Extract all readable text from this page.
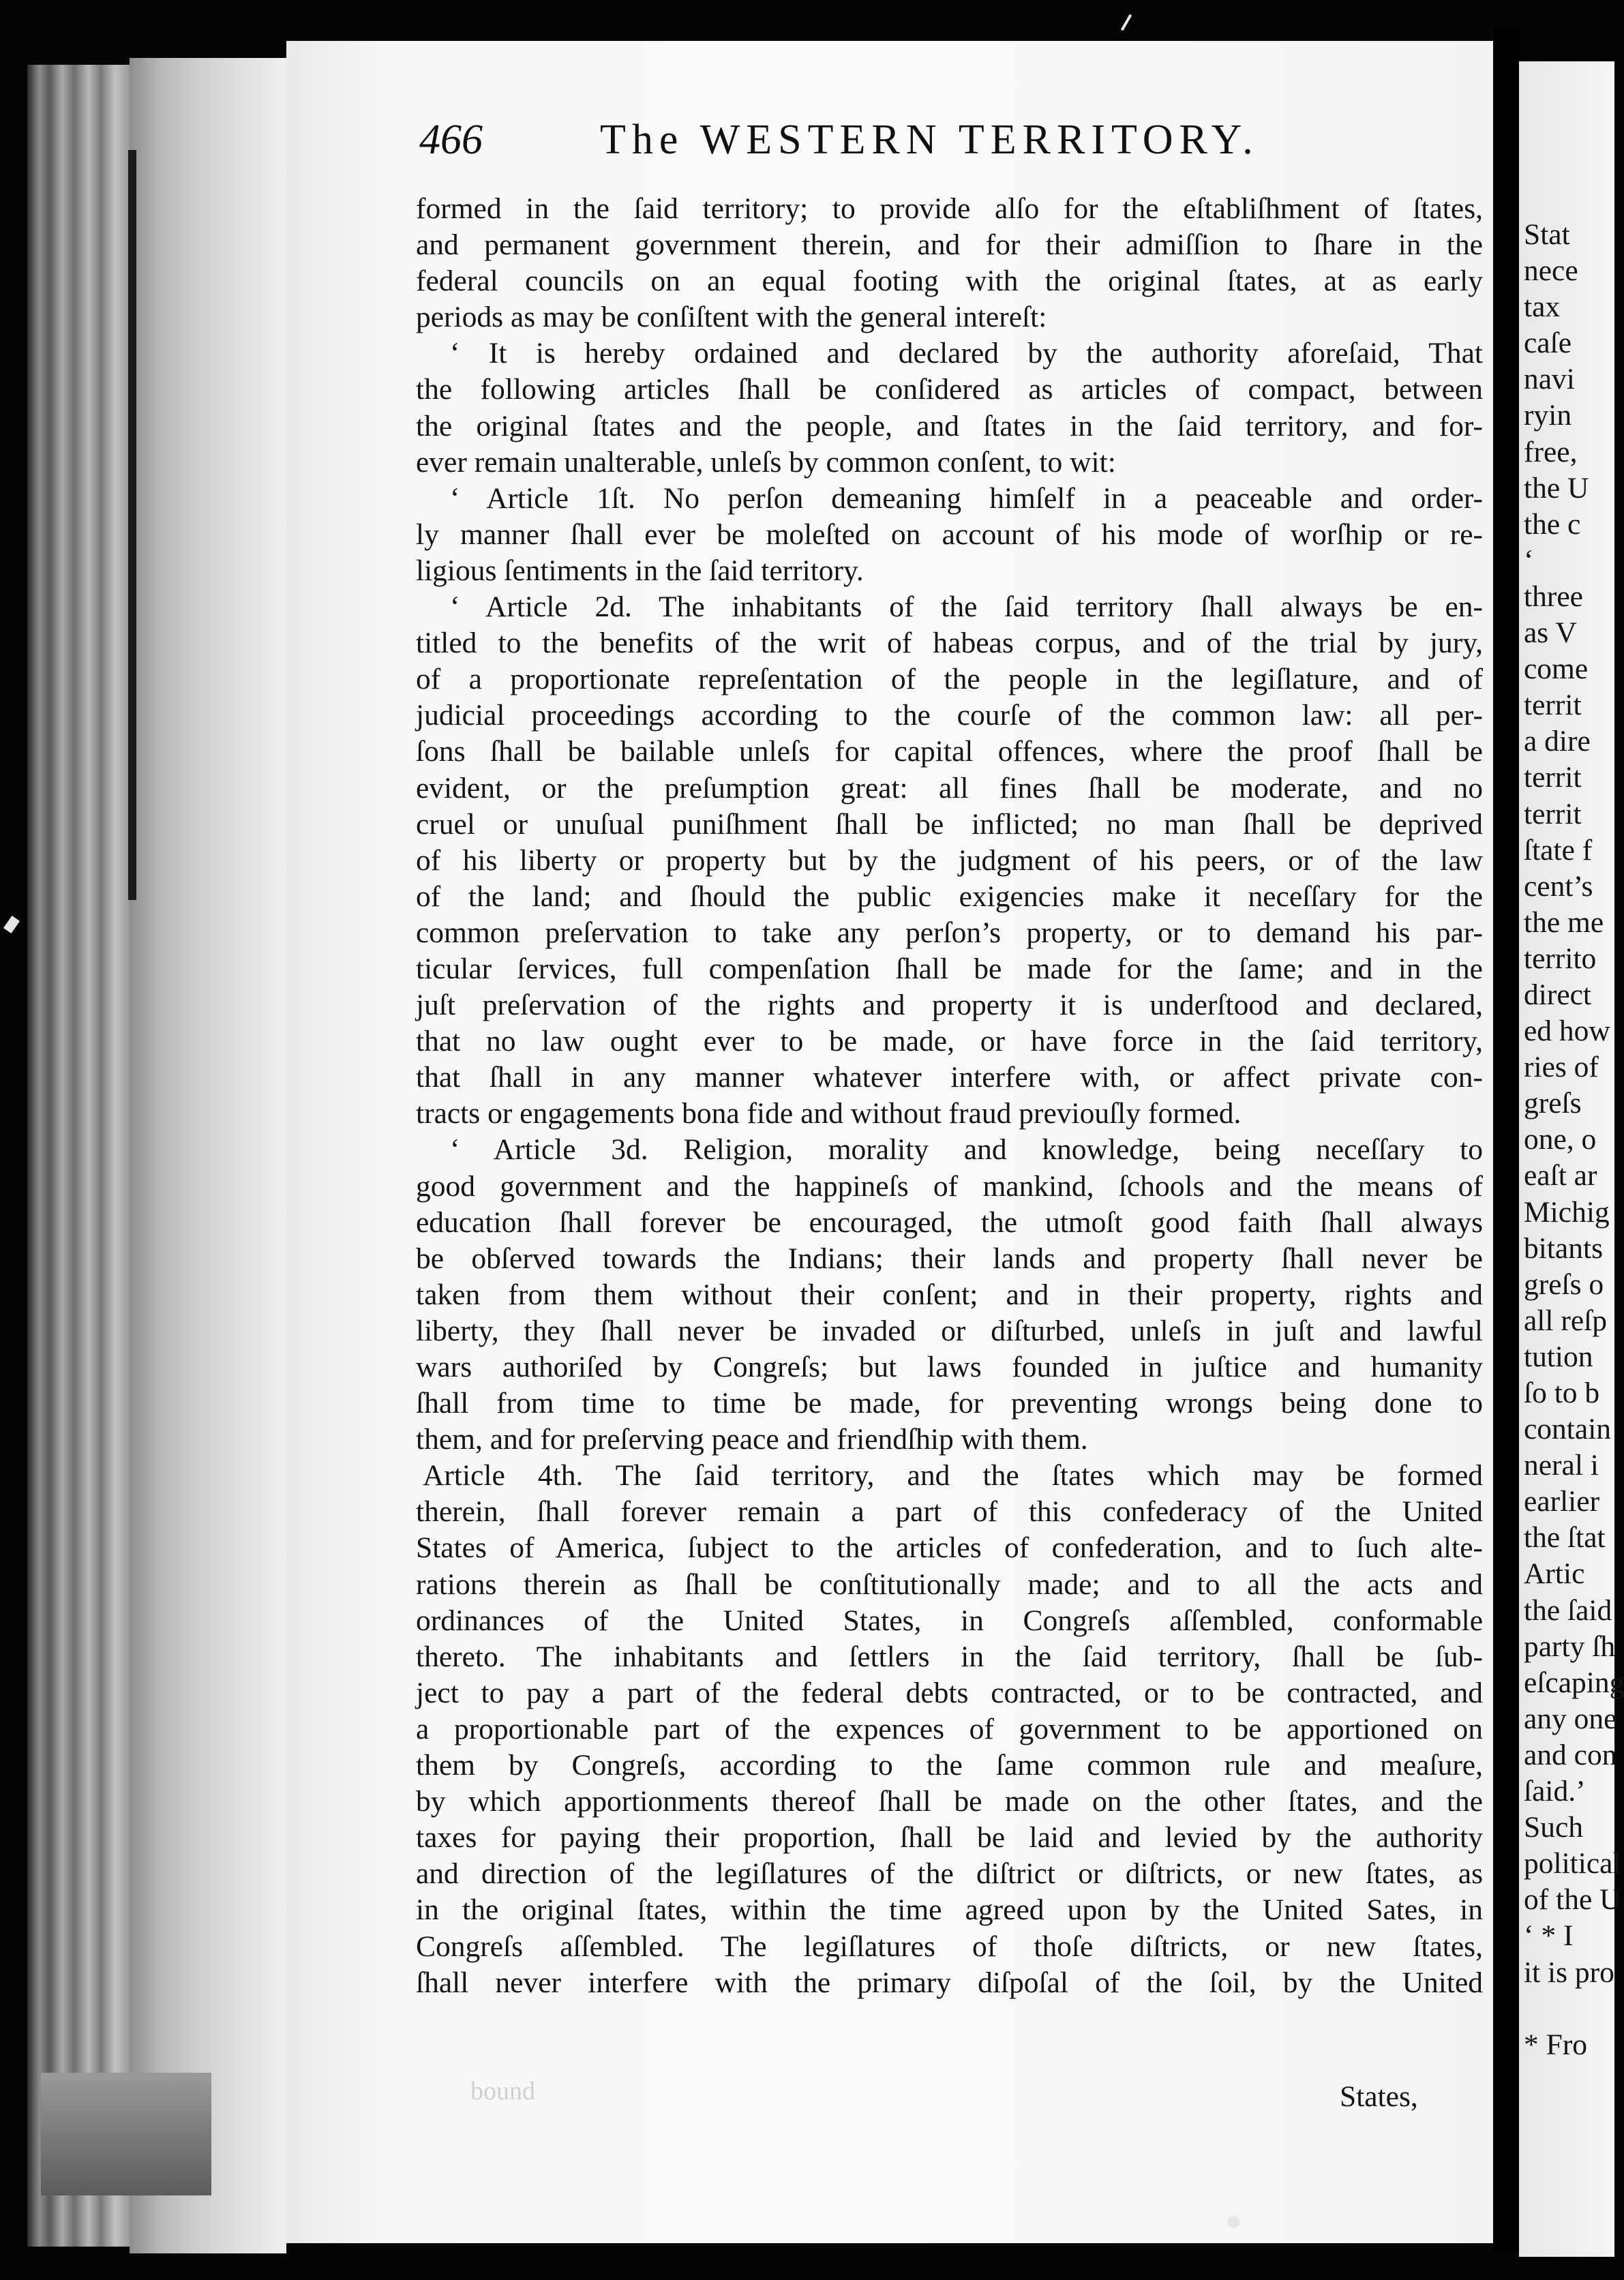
466	The WESTERN TERRITORY.
formed in the ſaid territory; to provide alſo for the eſtabliſhment of ſtates,
and permanent government therein, and for their admiſſion to ſhare in the
federal councils on an equal footing with the original ſtates, at as early
periods as may be conſiſtent with the general intereſt:
‘ It is hereby ordained and declared by the authority aforeſaid, That
the following articles ſhall be conſidered as articles of compact, between
the original ſtates and the people, and ſtates in the ſaid territory, and for-
ever remain unalterable, unleſs by common conſent, to wit:
‘ Article 1ſt. No perſon demeaning himſelf in a peaceable and order-
ly manner ſhall ever be moleſted on account of his mode of worſhip or re-
ligious ſentiments in the ſaid territory.
‘ Article 2d. The inhabitants of the ſaid territory ſhall always be en-
titled to the benefits of the writ of habeas corpus, and of the trial by jury,
of a proportionate repreſentation of the people in the legiſlature, and of
judicial proceedings according to the courſe of the common law: all per-
ſons ſhall be bailable unleſs for capital offences, where the proof ſhall be
evident, or the preſumption great: all fines ſhall be moderate, and no
cruel or unuſual puniſhment ſhall be inflicted; no man ſhall be deprived
of his liberty or property but by the judgment of his peers, or of the law
of the land; and ſhould the public exigencies make it neceſſary for the
common preſervation to take any perſon’s property, or to demand his par-
ticular ſervices, full compenſation ſhall be made for the ſame; and in the
juſt preſervation of the rights and property it is underſtood and declared,
that no law ought ever to be made, or have force in the ſaid territory,
that ſhall in any manner whatever interfere with, or affect private con-
tracts or engagements bona fide and without fraud previouſly formed.
‘ Article 3d. Religion, morality and knowledge, being neceſſary to
good government and the happineſs of mankind, ſchools and the means of
education ſhall forever be encouraged, the utmoſt good faith ſhall always
be obſerved towards the Indians; their lands and property ſhall never be
taken from them without their conſent; and in their property, rights and
liberty, they ſhall never be invaded or diſturbed, unleſs in juſt and lawful
wars authoriſed by Congreſs; but laws founded in juſtice and humanity
ſhall from time to time be made, for preventing wrongs being done to
them, and for preſerving peace and friendſhip with them.
Article 4th. The ſaid territory, and the ſtates which may be formed
therein, ſhall forever remain a part of this confederacy of the United
States of America, ſubject to the articles of confederation, and to ſuch alte-
rations therein as ſhall be conſtitutionally made; and to all the acts and
ordinances of the United States, in Congreſs aſſembled, conformable
thereto. The inhabitants and ſettlers in the ſaid territory, ſhall be ſub-
ject to pay a part of the federal debts contracted, or to be contracted, and
a proportionable part of the expences of government to be apportioned on
them by Congreſs, according to the ſame common rule and meaſure,
by which apportionments thereof ſhall be made on the other ſtates, and the
taxes for paying their proportion, ſhall be laid and levied by the authority
and direction of the legiſlatures of the diſtrict or diſtricts, or new ſtates, as
in the original ſtates, within the time agreed upon by the United Sates, in
Congreſs aſſembled. The legiſlatures of thoſe diſtricts, or new ſtates,
ſhall never interfere with the primary diſpoſal of the ſoil, by the United
bound	States,
Stat
nece
tax
caſe
navi
ryin
free,
the U
the c
‘
three
as V
come
territ
a dire
territ
territ
ſtate f
cent’s
the me
territo
direct
ed how
ries of
greſs
one, o
eaſt ar
Michig
bitants
greſs o
all reſp
tution
ſo to b
contain
neral i
earlier
the ſtat
Artic
the ſaid
party ſh
eſcaping
any one
and con
ſaid.’
Such
political
of the U
‘ * I
it is pro
* Fro
